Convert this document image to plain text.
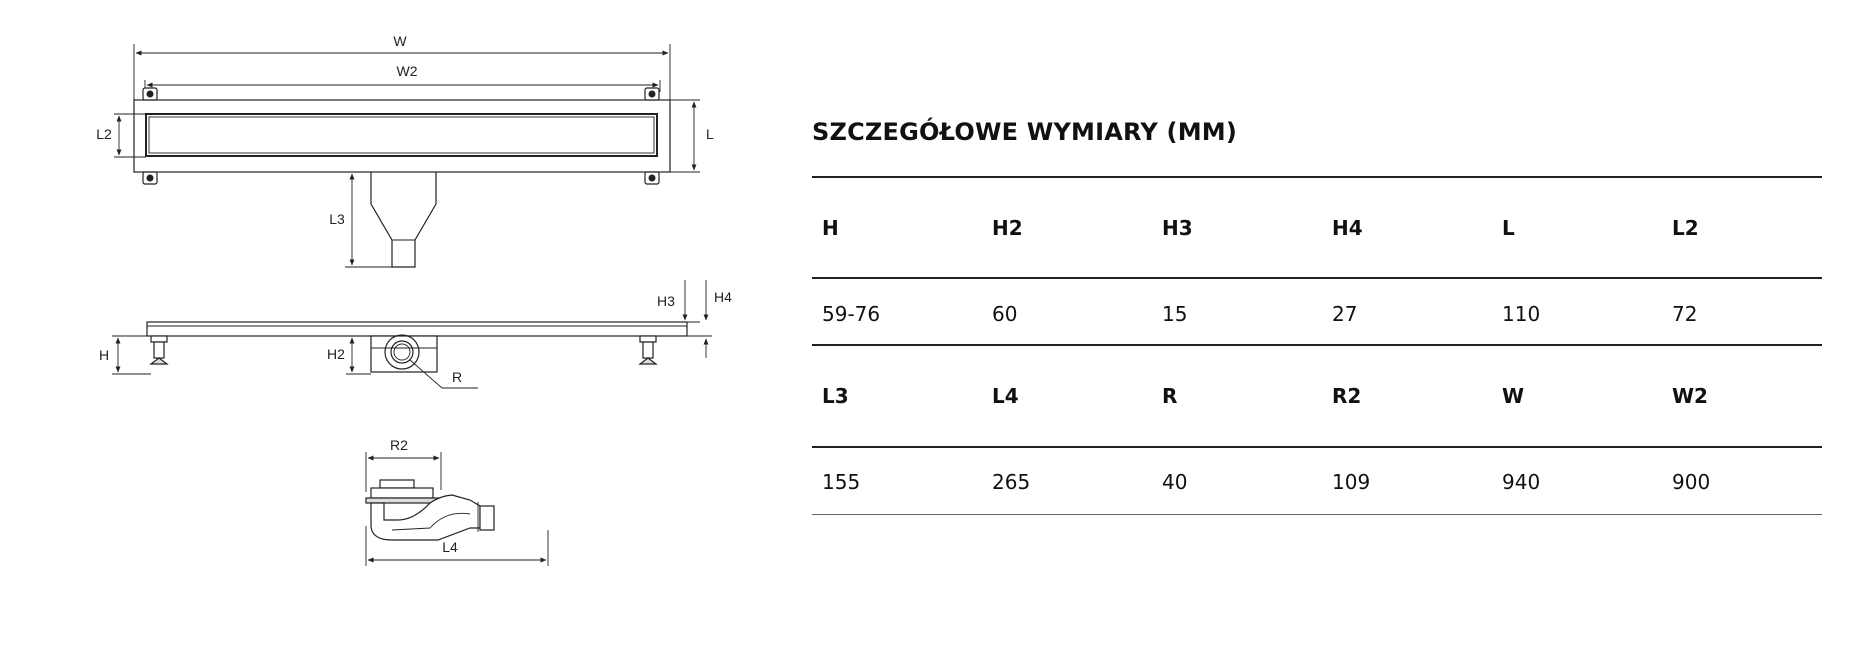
W
W2
L2	L
L3
R
H	H2
H3	H4
R2
L4
SZCZEGÓŁOWE WYMIARY (MM)
H	H2	H3	H4	L	L2
59-76	60	15	27	110	72
L3	L4	R	R2	W	W2
155	265	40	109	940	900
